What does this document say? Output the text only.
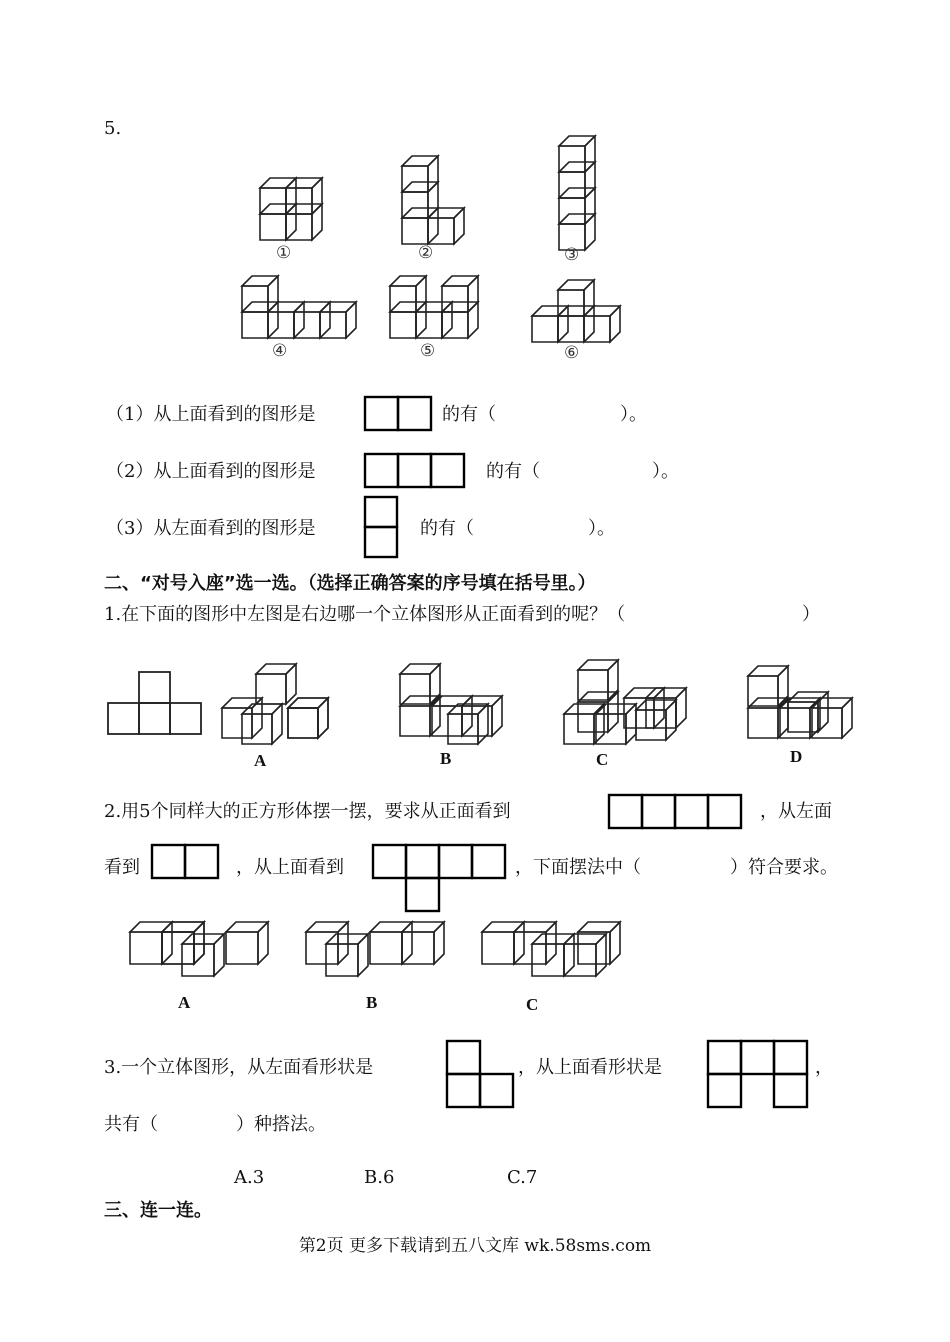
5.
①	②	③
④	⑤	⑥
（1）从上面看到的图形是	的有（	）。
（2）从上面看到的图形是	的有（	）。
（3）从左面看到的图形是	的有（	）。
二、“对号入座”选一选。（选择正确答案的序号填在括号里。）
1.在下面的图形中左图是右边哪一个立体图形从正面看到的呢？（	）
A	B	C	D
2.用5个同样大的正方形体摆一摆，要求从正面看到	，从左面
看到	，从上面看到	，下面摆法中（	）符合要求。
A	B	C
3.一个立体图形，从左面看形状是	，从上面看形状是	，
共有（	）种搭法。
A.3	B.6	C.7
三、连一连。
第2页 更多下载请到五八文库 wk.58sms.com
